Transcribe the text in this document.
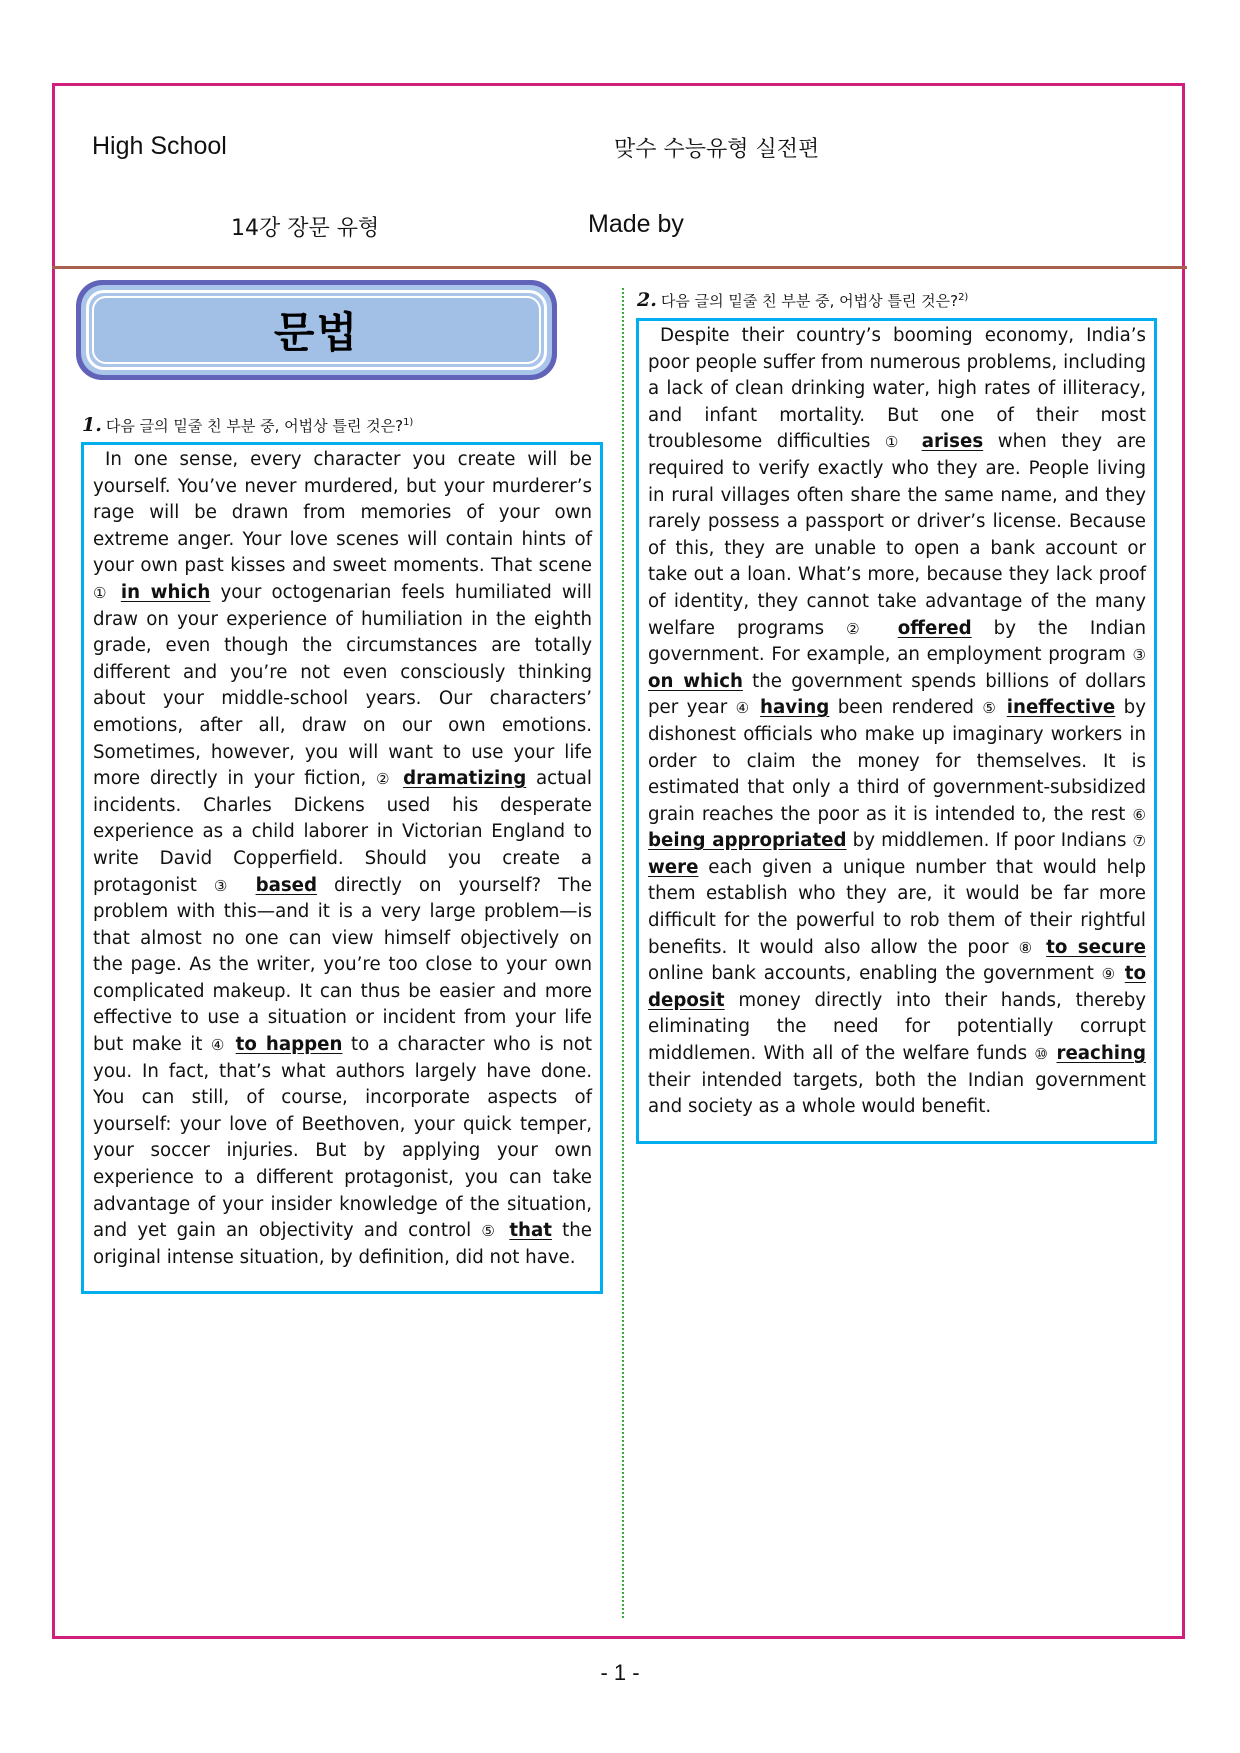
High School	맞수 수능유형 실전편
14강 장문 유형	Made by
문법
1. 다음 글의 밑줄 친 부분 중, 어법상 틀린 것은?$^{1)}$

In one sense, every character you create will be yourself. You’ve never murdered, but your murderer’s rage will be drawn from memories of your own extreme anger. Your love scenes will contain hints of your own past kisses and sweet moments. That scene ① in which your octogenarian feels humiliated will draw on your experience of humiliation in the eighth grade, even though the circumstances are totally different and you’re not even consciously thinking about your middle-school years. Our characters’ emotions, after all, draw on our own emotions. Sometimes, however, you will want to use your life more directly in your fiction, ② dramatizing actual incidents. Charles Dickens used his desperate experience as a child laborer in Victorian England to write David Copperfield. Should you create a protagonist ③ based directly on yourself? The problem with this—and it is a very large problem—is that almost no one can view himself objectively on the page. As the writer, you’re too close to your own complicated makeup. It can thus be easier and more effective to use a situation or incident from your life but make it ④ to happen to a character who is not you. In fact, that’s what authors largely have done. You can still, of course, incorporate aspects of yourself: your love of Beethoven, your quick temper, your soccer injuries. But by applying your own experience to a different protagonist, you can take advantage of your insider knowledge of the situation, and yet gain an objectivity and control ⑤ that the original intense situation, by definition, did not have.

2. 다음 글의 밑줄 친 부분 중, 어법상 틀린 것은?$^{2)}$

Despite their country’s booming economy, India’s poor people suffer from numerous problems, including a lack of clean drinking water, high rates of illiteracy, and infant mortality. But one of their most troublesome difficulties ① arises when they are required to verify exactly who they are. People living in rural villages often share the same name, and they rarely possess a passport or driver’s license. Because of this, they are unable to open a bank account or take out a loan. What’s more, because they lack proof of identity, they cannot take advantage of the many welfare programs ② offered by the Indian government. For example, an employment program ③ on which the government spends billions of dollars per year ④ having been rendered ⑤ ineffective by dishonest officials who make up imaginary workers in order to claim the money for themselves. It is estimated that only a third of government-subsidized grain reaches the poor as it is intended to, the rest ⑥ being appropriated by middlemen. If poor Indians ⑦ were each given a unique number that would help them establish who they are, it would be far more difficult for the powerful to rob them of their rightful benefits. It would also allow the poor ⑧ to secure online bank accounts, enabling the government ⑨ to deposit money directly into their hands, thereby eliminating the need for potentially corrupt middlemen. With all of the welfare funds ⑩ reaching their intended targets, both the Indian government and society as a whole would benefit.

- 1 -
